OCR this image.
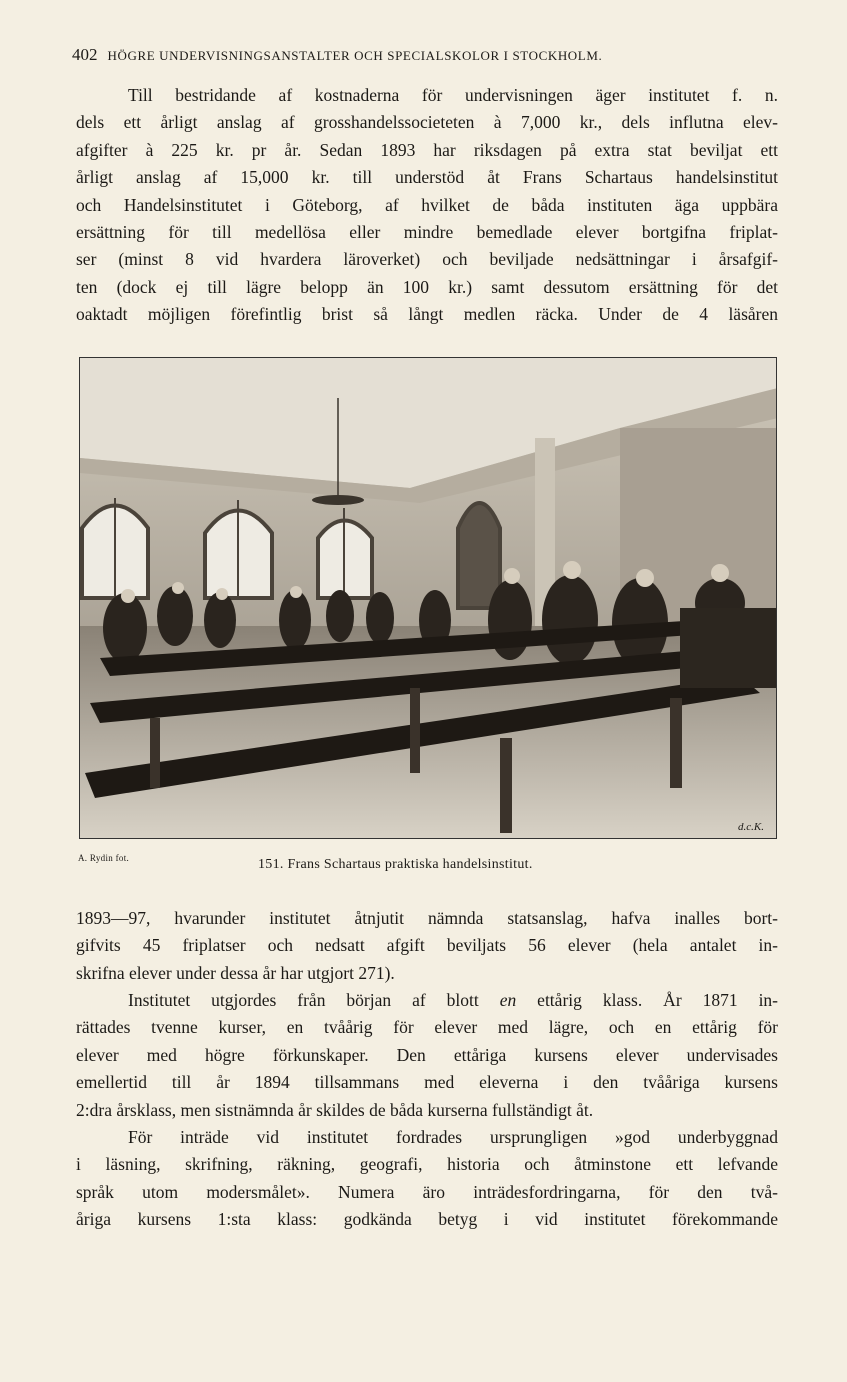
402 HÖGRE UNDERVISNINGSANSTALTER OCH SPECIALSKOLOR I STOCKHOLM.
Till bestridande af kostnaderna för undervisningen äger institutet f. n.
dels ett årligt anslag af grosshandelssocieteten à 7,000 kr., dels influtna elev-
afgifter à 225 kr. pr år. Sedan 1893 har riksdagen på extra stat beviljat ett
årligt anslag af 15,000 kr. till understöd åt Frans Schartaus handelsinstitut
och Handelsinstitutet i Göteborg, af hvilket de båda instituten äga uppbära
ersättning för till medellösa eller mindre bemedlade elever bortgifna friplat-
ser (minst 8 vid hvardera läroverket) och beviljade nedsättningar i årsafgif-
ten (dock ej till lägre belopp än 100 kr.) samt dessutom ersättning för det
oaktadt möjligen förefintlig brist så långt medlen räcka. Under de 4 läsåren
d.c.K.
A. Rydin fot.	151. Frans Schartaus praktiska handelsinstitut.
1893—97, hvarunder institutet åtnjutit nämnda statsanslag, hafva inalles bort-
gifvits 45 friplatser och nedsatt afgift beviljats 56 elever (hela antalet in-
skrifna elever under dessa år har utgjort 271).
Institutet utgjordes från början af blott en ettårig klass. År 1871 in-
rättades tvenne kurser, en tvåårig för elever med lägre, och en ettårig för
elever med högre förkunskaper. Den ettåriga kursens elever undervisades
emellertid till år 1894 tillsammans med eleverna i den tvååriga kursens
2:dra årsklass, men sistnämnda år skildes de båda kurserna fullständigt åt.
För inträde vid institutet fordrades ursprungligen »god underbyggnad
i läsning, skrifning, räkning, geografi, historia och åtminstone ett lefvande
språk utom modersmålet». Numera äro inträdesfordringarna, för den två-
åriga kursens 1:sta klass: godkända betyg i vid institutet förekommande
